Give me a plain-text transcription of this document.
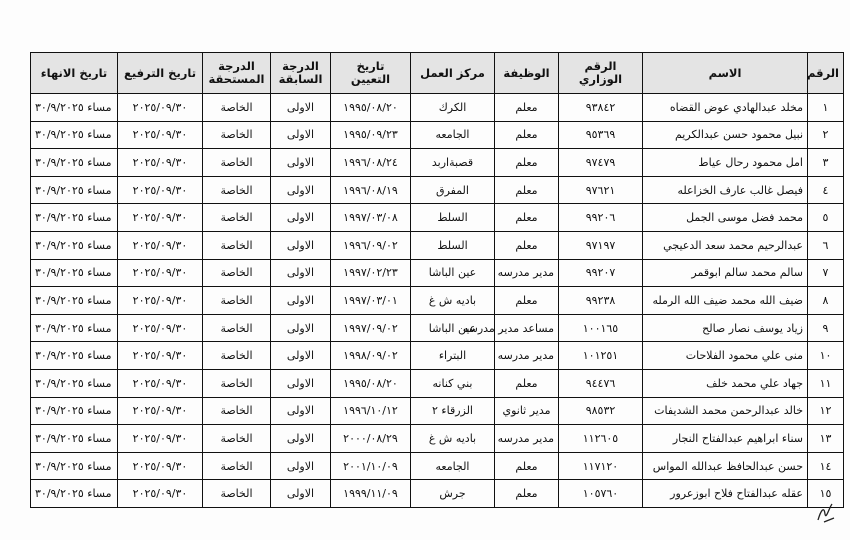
الرقم	الاسم	الرقم الوزاري	الوظيفة	مركز العمل	تاريخ التعيين	الدرجة السابقة	الدرجة المستحقة	تاريخ الترفيع	تاريخ الانهاء
١	مخلد عبدالهادي عوض القضاه	٩٣٨٤٢	معلم	الكرك	١٩٩٥/٠٨/٢٠	الاولى	الخاصة	٢٠٢٥/٠٩/٣٠	مساء ٣٠/٩/٢٠٢٥
٢	نبيل محمود حسن عبدالكريم	٩٥٣٦٩	معلم	الجامعه	١٩٩٥/٠٩/٢٣	الاولى	الخاصة	٢٠٢٥/٠٩/٣٠	مساء ٣٠/٩/٢٠٢٥
٣	امل محمود رحال عياط	٩٧٤٧٩	معلم	قصبةاربد	١٩٩٦/٠٨/٢٤	الاولى	الخاصة	٢٠٢٥/٠٩/٣٠	مساء ٣٠/٩/٢٠٢٥
٤	فيصل غالب عارف الخزاعله	٩٧٦٢١	معلم	المفرق	١٩٩٦/٠٨/١٩	الاولى	الخاصة	٢٠٢٥/٠٩/٣٠	مساء ٣٠/٩/٢٠٢٥
٥	محمد فضل موسى الجمل	٩٩٢٠٦	معلم	السلط	١٩٩٧/٠٣/٠٨	الاولى	الخاصة	٢٠٢٥/٠٩/٣٠	مساء ٣٠/٩/٢٠٢٥
٦	عبدالرحيم محمد سعد الدعيجي	٩٧١٩٧	معلم	السلط	١٩٩٦/٠٩/٠٢	الاولى	الخاصة	٢٠٢٥/٠٩/٣٠	مساء ٣٠/٩/٢٠٢٥
٧	سالم محمد سالم ابوقمر	٩٩٢٠٧	مدير مدرسه	عين الباشا	١٩٩٧/٠٢/٢٣	الاولى	الخاصة	٢٠٢٥/٠٩/٣٠	مساء ٣٠/٩/٢٠٢٥
٨	ضيف الله محمد ضيف الله الرمله	٩٩٢٣٨	معلم	باديه ش غ	١٩٩٧/٠٣/٠١	الاولى	الخاصة	٢٠٢٥/٠٩/٣٠	مساء ٣٠/٩/٢٠٢٥
٩	زياد يوسف نصار صالح	١٠٠١٦٥	مساعد مدير مدرسه	عين الباشا	١٩٩٧/٠٩/٠٢	الاولى	الخاصة	٢٠٢٥/٠٩/٣٠	مساء ٣٠/٩/٢٠٢٥
١٠	منى علي محمود الفلاحات	١٠١٢٥١	مدير مدرسه	البتراء	١٩٩٨/٠٩/٠٢	الاولى	الخاصة	٢٠٢٥/٠٩/٣٠	مساء ٣٠/٩/٢٠٢٥
١١	جهاد علي محمد خلف	٩٤٤٧٦	معلم	بني كنانه	١٩٩٥/٠٨/٢٠	الاولى	الخاصة	٢٠٢٥/٠٩/٣٠	مساء ٣٠/٩/٢٠٢٥
١٢	خالد عبدالرحمن محمد الشديفات	٩٨٥٣٢	مدير ثانوي	الزرقاء ٢	١٩٩٦/١٠/١٢	الاولى	الخاصة	٢٠٢٥/٠٩/٣٠	مساء ٣٠/٩/٢٠٢٥
١٣	سناء ابراهيم عبدالفتاح النجار	١١٢٦٠٥	مدير مدرسه	باديه ش غ	٢٠٠٠/٠٨/٢٩	الاولى	الخاصة	٢٠٢٥/٠٩/٣٠	مساء ٣٠/٩/٢٠٢٥
١٤	حسن عبدالحافظ عبدالله المواس	١١٧١٢٠	معلم	الجامعه	٢٠٠١/١٠/٠٩	الاولى	الخاصة	٢٠٢٥/٠٩/٣٠	مساء ٣٠/٩/٢٠٢٥
١٥	عقله عبدالفتاح فلاح ابوزعرور	١٠٥٧٦٠	معلم	جرش	١٩٩٩/١١/٠٩	الاولى	الخاصة	٢٠٢٥/٠٩/٣٠	مساء ٣٠/٩/٢٠٢٥
